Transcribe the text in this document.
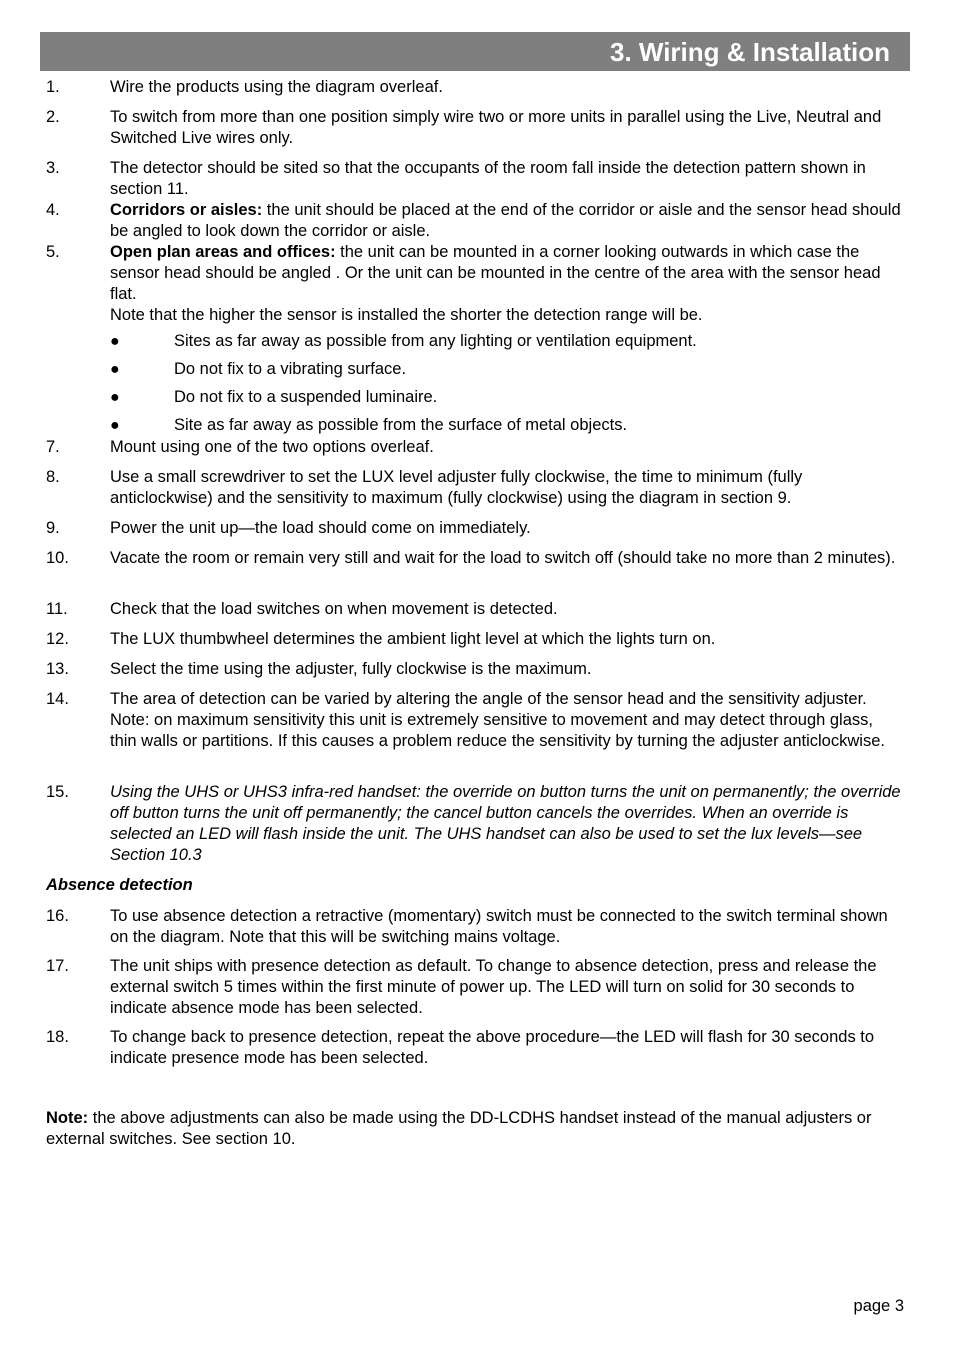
3. Wiring & Installation
1.	Wire the products using the diagram overleaf.
2.	To switch from more than one position simply wire two or more units in parallel using the Live, Neutral and Switched Live wires only.
3.	The detector should be sited so that the occupants of the room fall inside the detection pattern shown in section 11.
4.	Corridors or aisles: the unit should be placed at the end of the corridor or aisle and the sensor head should be angled to look down the corridor or aisle.
5.	Open plan areas and offices: the unit can be mounted in a corner looking outwards in which case the sensor head should be angled . Or the unit can be mounted in the centre of the area with the sensor head flat.
Note that the higher the sensor is installed the shorter the detection range will be.
●	Sites as far away as possible from any lighting or ventilation equipment.
●	Do not fix to a vibrating surface.
●	Do not fix to a suspended luminaire.
●	Site as far away as possible from the surface of metal objects.
7.	Mount using one of the two options overleaf.
8.	Use a small screwdriver to set the LUX level adjuster fully clockwise, the time to minimum (fully anticlockwise) and the sensitivity to maximum (fully clockwise) using the diagram in section 9.
9.	Power the unit up—the load should come on immediately.
10. Vacate the room or remain very still and wait for the load to switch off (should take no more than 2 minutes).
11.	Check that the load switches on when movement is detected.
12. The LUX thumbwheel determines the ambient light level at which the lights turn on.
13. Select the time using the adjuster, fully clockwise is the maximum.
14. The area of detection can be varied by altering the angle of the sensor head and the sensitivity adjuster. Note: on maximum sensitivity this unit is extremely sensitive to movement and may detect through glass, thin walls or partitions. If this causes a problem reduce the sensitivity by turning the adjuster anticlockwise.
15. Using the UHS or UHS3 infra-red handset: the override on button turns the unit on permanently; the override off button turns the unit off permanently; the cancel button cancels the overrides. When an override is selected an LED will flash inside the unit. The UHS handset can also be used to set the lux levels—see Section 10.3
Absence detection
16. To use absence detection a retractive (momentary) switch must be connected to the switch terminal shown on the diagram. Note that this will be switching mains voltage.
17. The unit ships with presence detection as default. To change to absence detection, press and release the external switch 5 times within the first minute of power up. The LED will turn on solid for 30 seconds to indicate absence mode has been selected.
18. To change back to presence detection, repeat the above procedure—the LED will flash for 30 seconds to indicate presence mode has been selected.
Note: the above adjustments can also be made using the DD-LCDHS handset instead of the manual adjusters or external switches. See section 10.
page 3
